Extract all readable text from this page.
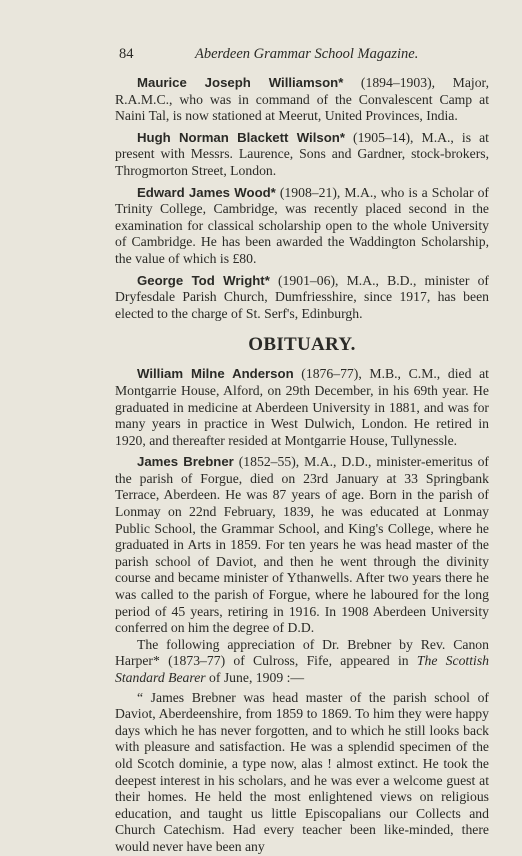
84	Aberdeen Grammar School Magazine.

Maurice Joseph Williamson* (1894–1903), Major, R.A.M.C., who was in command of the Convalescent Camp at Naini Tal, is now stationed at Meerut, United Provinces, India.

Hugh Norman Blackett Wilson* (1905–14), M.A., is at present with Messrs. Laurence, Sons and Gardner, stock-brokers, Throgmorton Street, London.

Edward James Wood* (1908–21), M.A., who is a Scholar of Trinity College, Cambridge, was recently placed second in the examination for classical scholarship open to the whole University of Cambridge. He has been awarded the Waddington Scholarship, the value of which is £80.

George Tod Wright* (1901–06), M.A., B.D., minister of Dryfesdale Parish Church, Dumfriesshire, since 1917, has been elected to the charge of St. Serf's, Edinburgh.

OBITUARY.

William Milne Anderson (1876–77), M.B., C.M., died at Montgarrie House, Alford, on 29th December, in his 69th year. He graduated in medicine at Aberdeen University in 1881, and was for many years in practice in West Dulwich, London. He retired in 1920, and thereafter resided at Montgarrie House, Tullynessle.

James Brebner (1852–55), M.A., D.D., minister-emeritus of the parish of Forgue, died on 23rd January at 33 Springbank Terrace, Aberdeen. He was 87 years of age. Born in the parish of Lonmay on 22nd February, 1839, he was educated at Lonmay Public School, the Grammar School, and King's College, where he graduated in Arts in 1859. For ten years he was head master of the parish school of Daviot, and then he went through the divinity course and became minister of Ythanwells. After two years there he was called to the parish of Forgue, where he laboured for the long period of 45 years, retiring in 1916. In 1908 Aberdeen University conferred on him the degree of D.D.

The following appreciation of Dr. Brebner by Rev. Canon Harper* (1873–77) of Culross, Fife, appeared in The Scottish Standard Bearer of June, 1909 :—

“ James Brebner was head master of the parish school of Daviot, Aberdeenshire, from 1859 to 1869. To him they were happy days which he has never forgotten, and to which he still looks back with pleasure and satisfaction. He was a splendid specimen of the old Scotch dominie, a type now, alas ! almost extinct. He took the deepest interest in his scholars, and he was ever a welcome guest at their homes. He held the most enlightened views on religious education, and taught us little Episcopalians our Collects and Church Catechism. Had every teacher been like-minded, there would never have been any
